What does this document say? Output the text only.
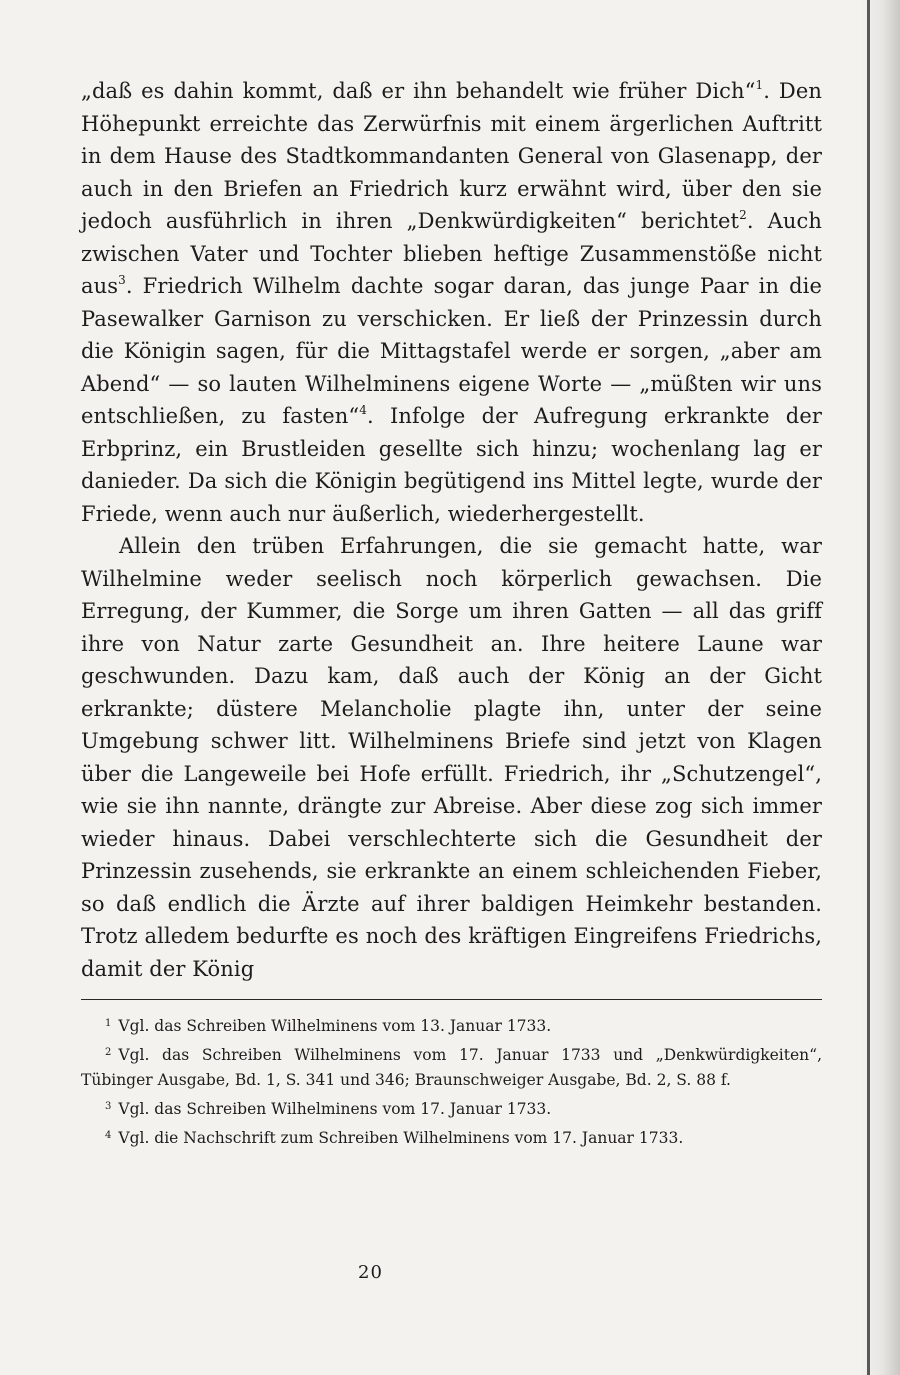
„daß es dahin kommt, daß er ihn behandelt wie früher Dich“$^1$. Den Höhepunkt erreichte das Zerwürfnis mit einem ärgerlichen Auftritt in dem Hause des Stadtkommandanten General von Glasenapp, der auch in den Briefen an Friedrich kurz erwähnt wird, über den sie jedoch ausführlich in ihren „Denkwürdigkeiten“ berichtet$^2$. Auch zwischen Vater und Tochter blieben heftige Zusammenstöße nicht aus$^3$. Friedrich Wilhelm dachte sogar daran, das junge Paar in die Pasewalker Garnison zu verschicken. Er ließ der Prinzessin durch die Königin sagen, für die Mittagstafel werde er sorgen, „aber am Abend“ — so lauten Wilhelminens eigene Worte — „müßten wir uns entschließen, zu fasten“$^4$. Infolge der Aufregung erkrankte der Erbprinz, ein Brustleiden gesellte sich hinzu; wochenlang lag er danieder. Da sich die Königin begütigend ins Mittel legte, wurde der Friede, wenn auch nur äußerlich, wiederhergestellt.

Allein den trüben Erfahrungen, die sie gemacht hatte, war Wilhelmine weder seelisch noch körperlich gewachsen. Die Erregung, der Kummer, die Sorge um ihren Gatten — all das griff ihre von Natur zarte Gesundheit an. Ihre heitere Laune war geschwunden. Dazu kam, daß auch der König an der Gicht erkrankte; düstere Melancholie plagte ihn, unter der seine Umgebung schwer litt. Wilhelminens Briefe sind jetzt von Klagen über die Langeweile bei Hofe erfüllt. Friedrich, ihr „Schutzengel“, wie sie ihn nannte, drängte zur Abreise. Aber diese zog sich immer wieder hinaus. Dabei verschlechterte sich die Gesundheit der Prinzessin zusehends, sie erkrankte an einem schleichenden Fieber, so daß endlich die Ärzte auf ihrer baldigen Heimkehr bestanden. Trotz alledem bedurfte es noch des kräftigen Eingreifens Friedrichs, damit der König

$^1$ Vgl. das Schreiben Wilhelminens vom 13. Januar 1733.

$^2$ Vgl. das Schreiben Wilhelminens vom 17. Januar 1733 und „Denkwürdigkeiten“, Tübinger Ausgabe, Bd. 1, S. 341 und 346; Braunschweiger Ausgabe, Bd. 2, S. 88 f.

$^3$ Vgl. das Schreiben Wilhelminens vom 17. Januar 1733.

$^4$ Vgl. die Nachschrift zum Schreiben Wilhelminens vom 17. Januar 1733.

20
